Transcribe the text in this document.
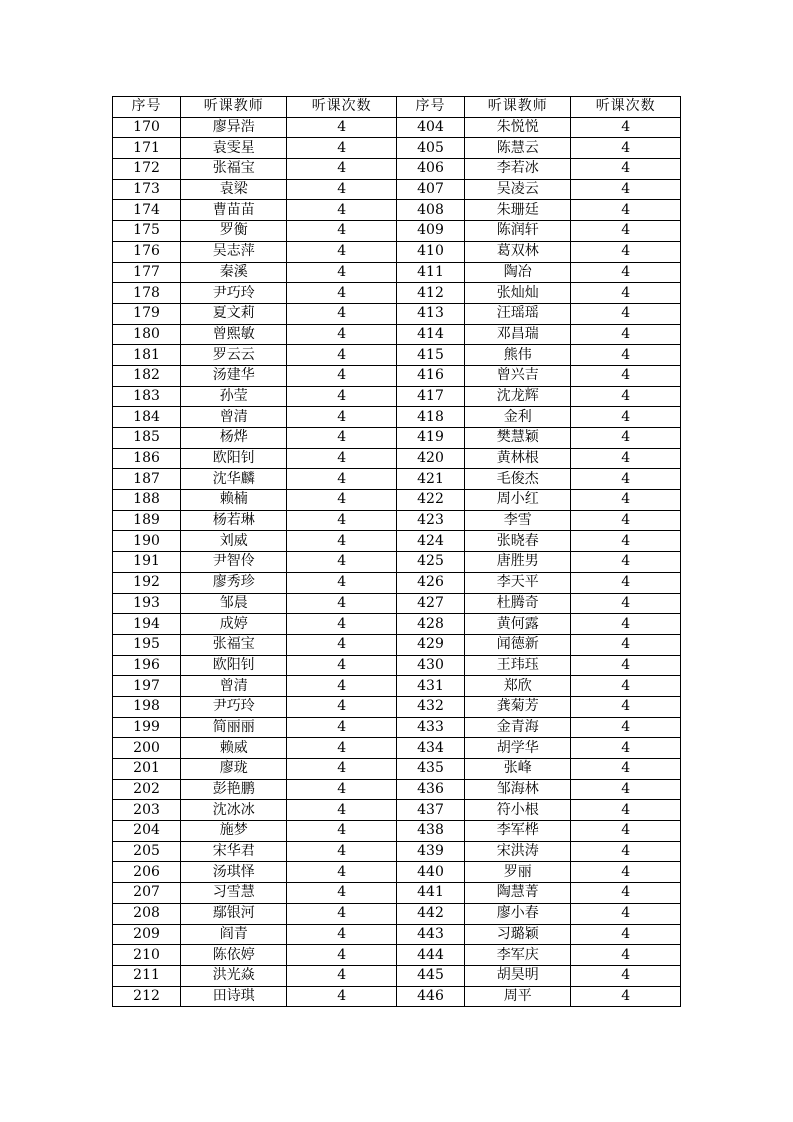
序号	听课教师	听课次数	序号	听课教师	听课次数
170	廖异浩	4	404	朱悦悦	4
171	袁雯星	4	405	陈慧云	4
172	张福宝	4	406	李若冰	4
173	袁梁	4	407	吴凌云	4
174	曹苗苗	4	408	朱珊廷	4
175	罗衡	4	409	陈润轩	4
176	吴志萍	4	410	葛双林	4
177	秦溪	4	411	陶冶	4
178	尹巧玲	4	412	张灿灿	4
179	夏文莉	4	413	汪瑶瑶	4
180	曾熙敏	4	414	邓昌瑞	4
181	罗云云	4	415	熊伟	4
182	汤建华	4	416	曾兴吉	4
183	孙莹	4	417	沈龙辉	4
184	曾清	4	418	金利	4
185	杨烨	4	419	樊慧颖	4
186	欧阳钊	4	420	黄林根	4
187	沈华麟	4	421	毛俊杰	4
188	赖楠	4	422	周小红	4
189	杨若琳	4	423	李雪	4
190	刘威	4	424	张晓春	4
191	尹智伶	4	425	唐胜男	4
192	廖秀珍	4	426	李天平	4
193	邹晨	4	427	杜腾奇	4
194	成婷	4	428	黄何露	4
195	张福宝	4	429	闻德新	4
196	欧阳钊	4	430	王玮珏	4
197	曾清	4	431	郑欣	4
198	尹巧玲	4	432	龚菊芳	4
199	简丽丽	4	433	金青海	4
200	赖威	4	434	胡学华	4
201	廖珑	4	435	张峰	4
202	彭艳鹏	4	436	邹海林	4
203	沈冰冰	4	437	符小根	4
204	施梦	4	438	李军桦	4
205	宋华君	4	439	宋洪涛	4
206	汤琪怿	4	440	罗丽	4
207	习雪慧	4	441	陶慧菁	4
208	鄢银河	4	442	廖小春	4
209	阎青	4	443	习璐颖	4
210	陈依婷	4	444	李军庆	4
211	洪光焱	4	445	胡昊明	4
212	田诗琪	4	446	周平	4
